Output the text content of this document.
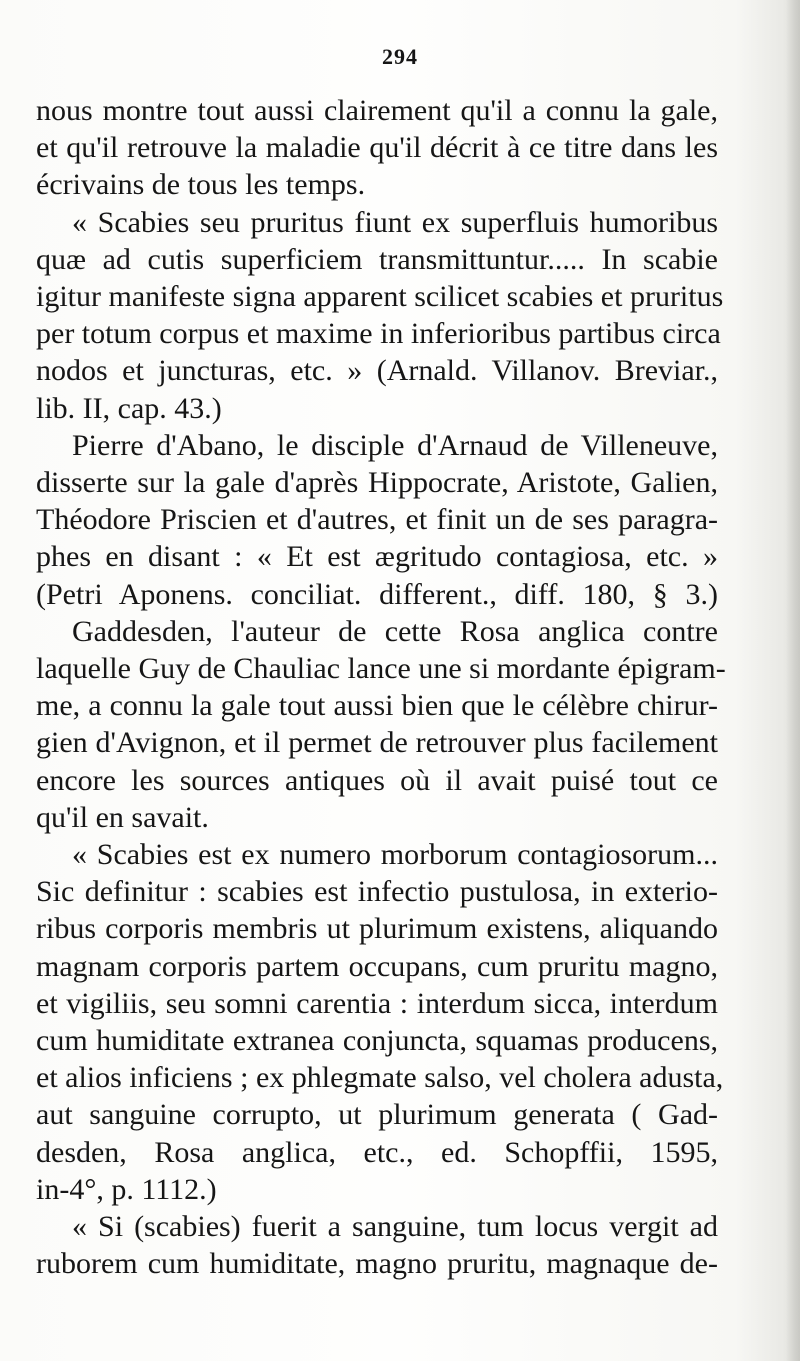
294
nous montre tout aussi clairement qu'il a connu la gale,
et qu'il retrouve la maladie qu'il décrit à ce titre dans les
écrivains de tous les temps.
« Scabies seu pruritus fiunt ex superfluis humoribus
quæ ad cutis superficiem transmittuntur..... In scabie
igitur manifeste signa apparent scilicet scabies et pruritus
per totum corpus et maxime in inferioribus partibus circa
nodos et juncturas, etc. » (Arnald. Villanov. Breviar.,
lib. II, cap. 43.)
Pierre d'Abano, le disciple d'Arnaud de Villeneuve,
disserte sur la gale d'après Hippocrate, Aristote, Galien,
Théodore Priscien et d'autres, et finit un de ses paragra-
phes en disant : « Et est ægritudo contagiosa, etc. »
(Petri Aponens. conciliat. different., diff. 180, § 3.)
Gaddesden, l'auteur de cette Rosa anglica contre
laquelle Guy de Chauliac lance une si mordante épigram-
me, a connu la gale tout aussi bien que le célèbre chirur-
gien d'Avignon, et il permet de retrouver plus facilement
encore les sources antiques où il avait puisé tout ce
qu'il en savait.
« Scabies est ex numero morborum contagiosorum...
Sic definitur : scabies est infectio pustulosa, in exterio-
ribus corporis membris ut plurimum existens, aliquando
magnam corporis partem occupans, cum pruritu magno,
et vigiliis, seu somni carentia : interdum sicca, interdum
cum humiditate extranea conjuncta, squamas producens,
et alios inficiens ; ex phlegmate salso, vel cholera adusta,
aut sanguine corrupto, ut plurimum generata ( Gad-
desden, Rosa anglica, etc., ed. Schopffii, 1595,
in-4°, p. 1112.)
« Si (scabies) fuerit a sanguine, tum locus vergit ad
ruborem cum humiditate, magno pruritu, magnaque de-
